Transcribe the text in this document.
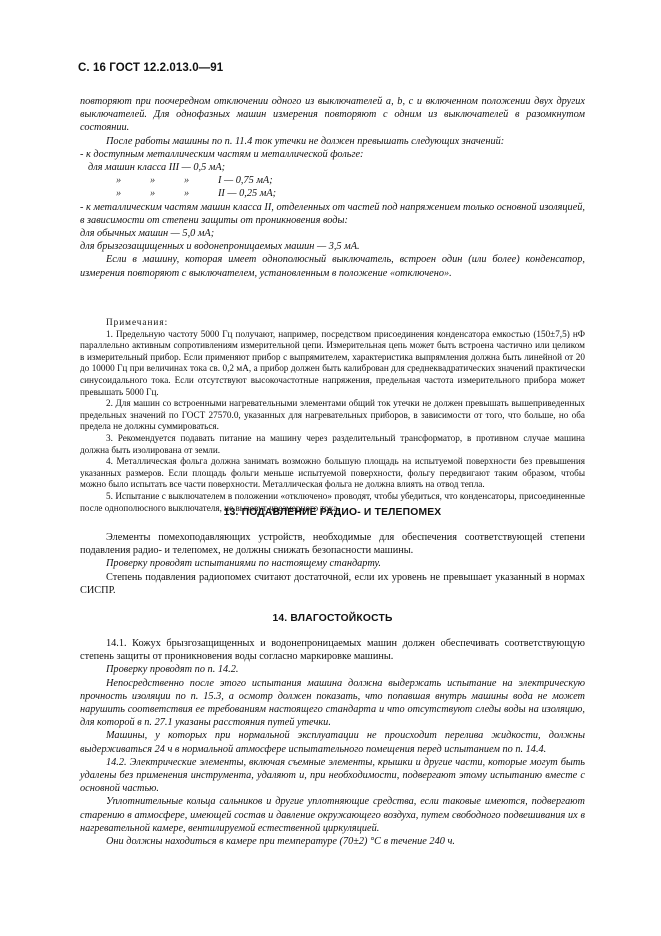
С. 16 ГОСТ 12.2.013.0—91

повторяют при поочередном отключении одного из выключателей a, b, c и включенном положении двух других выключателей. Для однофазных машин измерения повторяют с одним из выключателей в разомкнутом состоянии.

После работы машины по п. 11.4 ток утечки не должен превышать следующих значений:

- к доступным металлическим частям и металлической фольге:

для машин класса III — 0,5 мА;

»	»	»	I — 0,75 мА;

»	»	»	II — 0,25 мА;

- к металлическим частям машин класса II, отделенных от частей под напряжением только основной изоляцией, в зависимости от степени защиты от проникновения воды:

для обычных машин — 5,0 мА;

для брызгозащищенных и водонепроницаемых машин — 3,5 мА.

Если в машину, которая имеет однополюсный выключатель, встроен один (или более) конденсатор, измерения повторяют с выключателем, установленным в положение «отключено».

Примечания:

1. Предельную частоту 5000 Гц получают, например, посредством присоединения конденсатора емкостью (150±7,5) нФ параллельно активным сопротивлениям измерительной цепи. Измерительная цепь может быть встроена частично или целиком в измерительный прибор. Если применяют прибор с выпрямителем, характеристика выпрямления должна быть линейной от 20 до 10000 Гц при величинах тока св. 0,2 мА, а прибор должен быть калиброван для среднеквадратических значений практически синусоидального тока. Если отсутствуют высокочастотные напряжения, предельная частота измерительного прибора может превышать 5000 Гц.

2. Для машин со встроенными нагревательными элементами общий ток утечки не должен превышать вышеприведенных предельных значений по ГОСТ 27570.0, указанных для нагревательных приборов, в зависимости от того, что больше, но оба предела не должны суммироваться.

3. Рекомендуется подавать питание на машину через разделительный трансформатор, в противном случае машина должна быть изолирована от земли.

4. Металлическая фольга должна занимать возможно большую площадь на испытуемой поверхности без превышения указанных размеров. Если площадь фольги меньше испытуемой поверхности, фольгу передвигают таким образом, чтобы можно было испытать все части поверхности. Металлическая фольга не должна влиять на отвод тепла.

5. Испытание с выключателем в положении «отключено» проводят, чтобы убедиться, что конденсаторы, присоединенные после однополюсного выключателя, не вызовут чрезмерного тока.

13. ПОДАВЛЕНИЕ РАДИО- И ТЕЛЕПОМЕХ

Элементы помехоподавляющих устройств, необходимые для обеспечения соответствующей степени подавления радио- и телепомех, не должны снижать безопасности машины.

Проверку проводят испытаниями по настоящему стандарту.

Степень подавления радиопомех считают достаточной, если их уровень не превышает указанный в нормах СИСПР.

14. ВЛАГОСТОЙКОСТЬ

14.1. Кожух брызгозащищенных и водонепроницаемых машин должен обеспечивать соответствующую степень защиты от проникновения воды согласно маркировке машины.

Проверку проводят по п. 14.2.

Непосредственно после этого испытания машина должна выдержать испытание на электрическую прочность изоляции по п. 15.3, а осмотр должен показать, что попавшая внутрь машины вода не может нарушить соответствия ее требованиям настоящего стандарта и что отсутствуют следы воды на изоляцию, для которой в п. 27.1 указаны расстояния путей утечки.

Машины, у которых при нормальной эксплуатации не происходит перелива жидкости, должны выдерживаться 24 ч в нормальной атмосфере испытательного помещения перед испытанием по п. 14.4.

14.2. Электрические элементы, включая съемные элементы, крышки и другие части, которые могут быть удалены без применения инструмента, удаляют и, при необходимости, подвергают этому испытанию вместе с основной частью.

Уплотнительные кольца сальников и другие уплотняющие средства, если таковые имеются, подвергают старению в атмосфере, имеющей состав и давление окружающего воздуха, путем свободного подвешивания их в нагревательной камере, вентилируемой естественной циркуляцией.

Они должны находиться в камере при температуре (70±2) °С в течение 240 ч.
